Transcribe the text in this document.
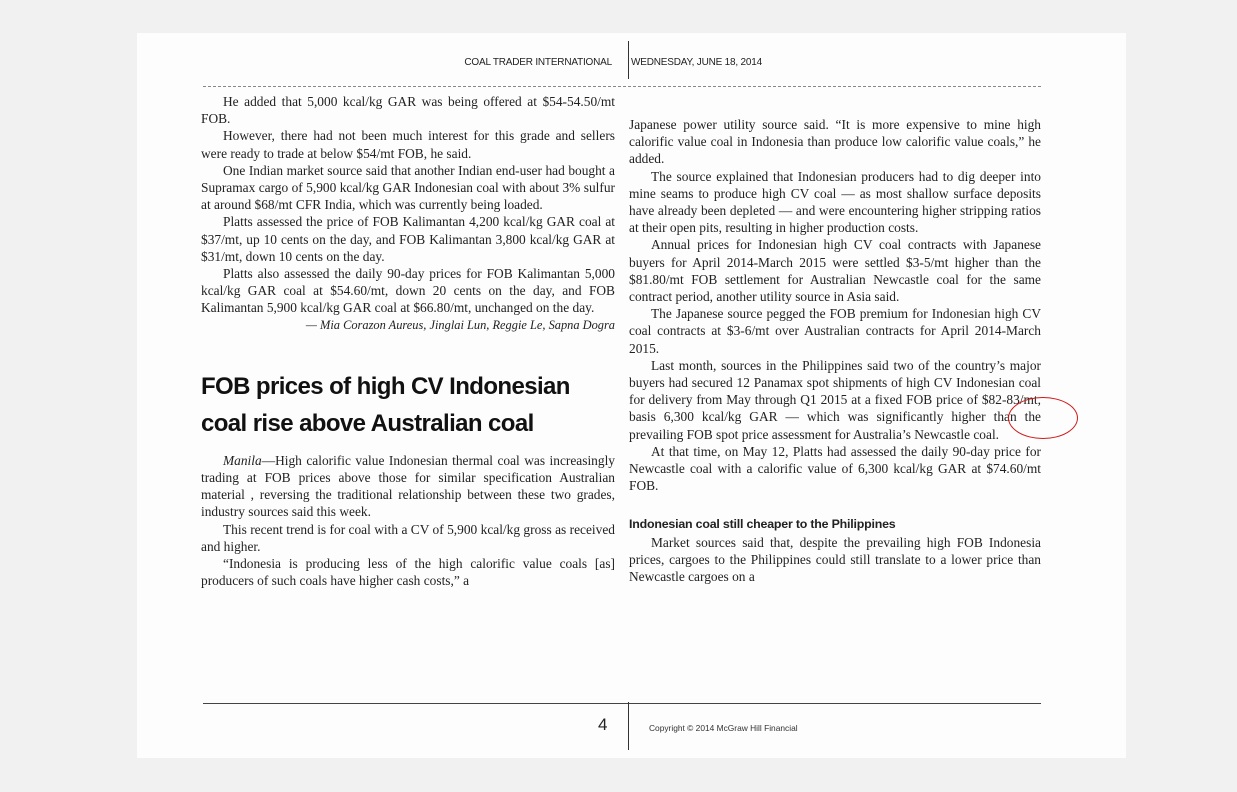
COAL TRADER INTERNATIONAL WEDNESDAY, JUNE 18, 2014

He added that 5,000 kcal/kg GAR was being offered at $54-54.50/mt FOB.

However, there had not been much interest for this grade and sellers were ready to trade at below $54/mt FOB, he said.

One Indian market source said that another Indian end-user had bought a Supramax cargo of 5,900 kcal/kg GAR Indonesian coal with about 3% sulfur at around $68/mt CFR India, which was currently being loaded.

Platts assessed the price of FOB Kalimantan 4,200 kcal/kg GAR coal at $37/mt, up 10 cents on the day, and FOB Kalimantan 3,800 kcal/kg GAR at $31/mt, down 10 cents on the day.

Platts also assessed the daily 90-day prices for FOB Kalimantan 5,000 kcal/kg GAR coal at $54.60/mt, down 20 cents on the day, and FOB Kalimantan 5,900 kcal/kg GAR coal at $66.80/mt, unchanged on the day.

— Mia Corazon Aureus, Jinglai Lun, Reggie Le, Sapna Dogra

FOB prices of high CV Indonesian coal rise above Australian coal

Manila—High calorific value Indonesian thermal coal was increasingly trading at FOB prices above those for similar specification Australian material , reversing the traditional relationship between these two grades, industry sources said this week.

This recent trend is for coal with a CV of 5,900 kcal/kg gross as received and higher.

“Indonesia is producing less of the high calorific value coals [as] producers of such coals have higher cash costs,” a

Japanese power utility source said. “It is more expensive to mine high calorific value coal in Indonesia than produce low calorific value coals,” he added.

The source explained that Indonesian producers had to dig deeper into mine seams to produce high CV coal — as most shallow surface deposits have already been depleted — and were encountering higher stripping ratios at their open pits, resulting in higher production costs.

Annual prices for Indonesian high CV coal contracts with Japanese buyers for April 2014-March 2015 were settled $3-5/mt higher than the $81.80/mt FOB settlement for Australian Newcastle coal for the same contract period, another utility source in Asia said.

The Japanese source pegged the FOB premium for Indonesian high CV coal contracts at $3-6/mt over Australian contracts for April 2014-March 2015.

Last month, sources in the Philippines said two of the country’s major buyers had secured 12 Panamax spot shipments of high CV Indonesian coal for delivery from May through Q1 2015 at a fixed FOB price of $82-83/mt, basis 6,300 kcal/kg GAR — which was significantly higher than the prevailing FOB spot price assessment for Australia’s Newcastle coal.

At that time, on May 12, Platts had assessed the daily 90-day price for Newcastle coal with a calorific value of 6,300 kcal/kg GAR at $74.60/mt FOB.

Indonesian coal still cheaper to the Philippines

Market sources said that, despite the prevailing high FOB Indonesia prices, cargoes to the Philippines could still translate to a lower price than Newcastle cargoes on a

4	Copyright © 2014 McGraw Hill Financial
